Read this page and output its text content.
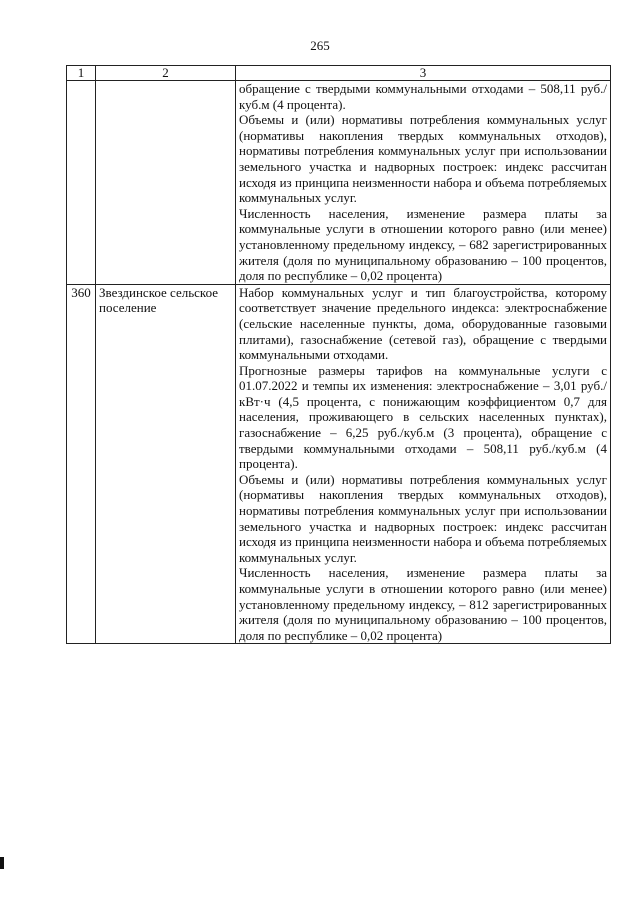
265
1	2	3

		обращение с твердыми коммунальными отходами – 508,11 руб./куб.м (4 процента).
Объемы и (или) нормативы потребления коммунальных услуг (нормативы накопления твердых коммунальных отходов), нормативы потребления коммунальных услуг при использовании земельного участка и надворных построек: индекс рассчитан исходя из принципа неизменности набора и объема потребляемых коммунальных услуг.
Численность населения, изменение размера платы за коммунальные услуги в отношении которого равно (или менее) установленному предельному индексу, – 682 зарегистрированных жителя (доля по муниципальному образованию – 100 процентов, доля по республике – 0,02 процента)

360	Звездинское сельское поселение	Набор коммунальных услуг и тип благоустройства, которому соответствует значение предельного индекса: электроснабжение (сельские населенные пункты, дома, оборудованные газовыми плитами), газоснабжение (сетевой газ), обращение с твердыми коммунальными отходами.
Прогнозные размеры тарифов на коммунальные услуги с 01.07.2022 и темпы их изменения: электроснабжение – 3,01 руб./кВт·ч (4,5 процента, с понижающим коэффициентом 0,7 для населения, проживающего в сельских населенных пунктах), газоснабжение – 6,25 руб./куб.м (3 процента), обращение с твердыми коммунальными отходами – 508,11 руб./куб.м (4 процента).
Объемы и (или) нормативы потребления коммунальных услуг (нормативы накопления твердых коммунальных отходов), нормативы потребления коммунальных услуг при использовании земельного участка и надворных построек: индекс рассчитан исходя из принципа неизменности набора и объема потребляемых коммунальных услуг.
Численность населения, изменение размера платы за коммунальные услуги в отношении которого равно (или менее) установленному предельному индексу, – 812 зарегистрированных жителя (доля по муниципальному образованию – 100 процентов, доля по республике – 0,02 процента)
